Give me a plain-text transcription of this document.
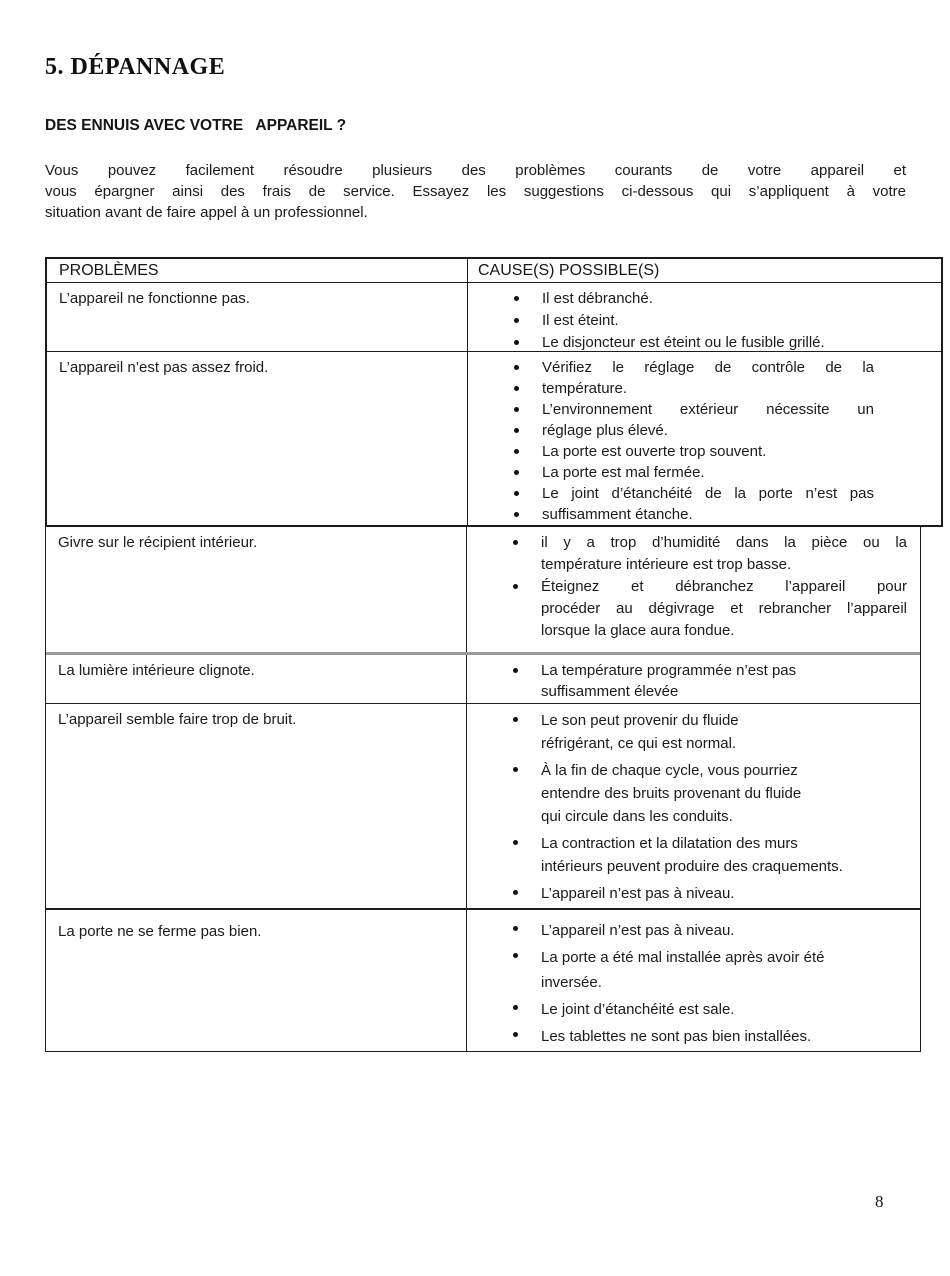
5. DÉPANNAGE
DES ENNUIS AVEC VOTRE   APPAREIL ?
Vous pouvez facilement résoudre plusieurs des problèmes courants de votre appareil et
vous épargner ainsi des frais de service. Essayez les suggestions ci-dessous qui s’appliquent à votre
situation avant de faire appel à un professionnel.
PROBLÈMES	CAUSE(S) POSSIBLE(S)
L’appareil ne fonctionne pas.	Il est débranché.
Il est éteint.
Le disjoncteur est éteint ou le fusible grillé.
L’appareil n’est pas assez froid.	Vérifiez le réglage de contrôle de la
température.
L’environnement extérieur nécessite un
réglage plus élevé.
La porte est ouverte trop souvent.
La porte est mal fermée.
Le joint d’étanchéité de la porte n’est pas
suffisamment étanche.
Givre sur le récipient intérieur.	il y a trop d’humidité dans la pièce ou la
température intérieure est trop basse.
Éteignez et débranchez l’appareil pour
procéder au dégivrage et rebrancher l’appareil
lorsque la glace aura fondue.
La lumière intérieure clignote.	La température programmée n’est pas
suffisamment élevée
L’appareil semble faire trop de bruit.	Le son peut provenir du fluide
réfrigérant, ce qui est normal.
À la fin de chaque cycle, vous pourriez
entendre des bruits provenant du fluide
qui circule dans les conduits.
La contraction et la dilatation des murs
intérieurs peuvent produire des craquements.
L’appareil n’est pas à niveau.
La porte ne se ferme pas bien.	L’appareil n’est pas à niveau.
La porte a été mal installée après avoir été
inversée.
Le joint d’étanchéité est sale.
Les tablettes ne sont pas bien installées.
8
